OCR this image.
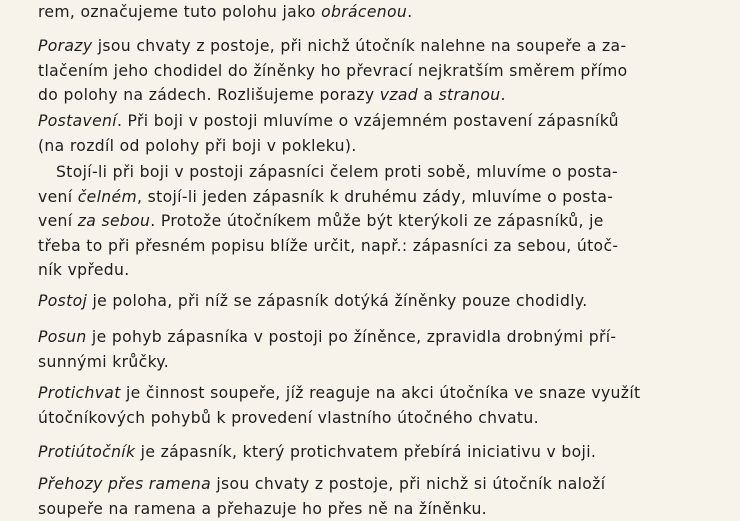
rem, označujeme tuto polohu jako obrácenou.
Porazy jsou chvaty z postoje, při nichž útočník nalehne na soupeře a za-
tlačením jeho chodidel do žíněnky ho převrací nejkratším směrem přímo
do polohy na zádech. Rozlišujeme porazy vzad a stranou.
Postavení. Při boji v postoji mluvíme o vzájemném postavení zápasníků
(na rozdíl od polohy při boji v pokleku).
Stojí-li při boji v postoji zápasníci čelem proti sobě, mluvíme o posta-
vení čelném, stojí-li jeden zápasník k druhému zády, mluvíme o posta-
vení za sebou. Protože útočníkem může být kterýkoli ze zápasníků, je
třeba to při přesném popisu blíže určit, např.: zápasníci za sebou, útoč-
ník vpředu.
Postoj je poloha, při níž se zápasník dotýká žíněnky pouze chodidly.
Posun je pohyb zápasníka v postoji po žíněnce, zpravidla drobnými pří-
sunnými krůčky.
Protichvat je činnost soupeře, jíž reaguje na akci útočníka ve snaze využít
útočníkových pohybů k provedení vlastního útočného chvatu.
Protiútočník je zápasník, který protichvatem přebírá iniciativu v boji.
Přehozy přes ramena jsou chvaty z postoje, při nichž si útočník naloží
soupeře na ramena a přehazuje ho přes ně na žíněnku.
